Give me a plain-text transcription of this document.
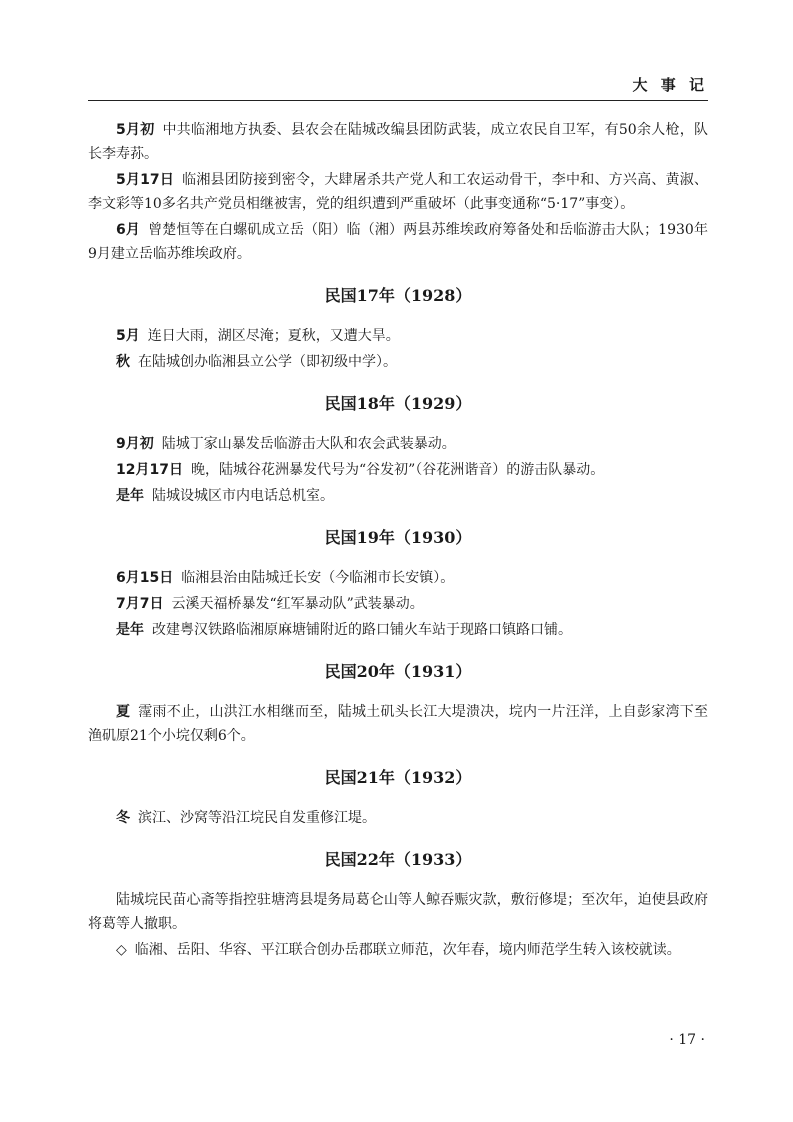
大 事 记

5月初 中共临湘地方执委、县农会在陆城改编县团防武装，成立农民自卫军，有50余人枪，队长李寿荪。

5月17日 临湘县团防接到密令，大肆屠杀共产党人和工农运动骨干，李中和、方兴高、黄淑、李文彩等10多名共产党员相继被害，党的组织遭到严重破坏（此事变通称“5·17”事变）。

6月 曾楚恒等在白螺矶成立岳（阳）临（湘）两县苏维埃政府筹备处和岳临游击大队；1930年9月建立岳临苏维埃政府。

民国17年（1928）

5月 连日大雨，湖区尽淹；夏秋，又遭大旱。

秋 在陆城创办临湘县立公学（即初级中学）。

民国18年（1929）

9月初 陆城丁家山暴发岳临游击大队和农会武装暴动。

12月17日 晚，陆城谷花洲暴发代号为“谷发初”（谷花洲谐音）的游击队暴动。

是年 陆城设城区市内电话总机室。

民国19年（1930）

6月15日 临湘县治由陆城迁长安（今临湘市长安镇）。

7月7日 云溪天福桥暴发“红军暴动队”武装暴动。

是年 改建粤汉铁路临湘原麻塘铺附近的路口铺火车站于现路口镇路口铺。

民国20年（1931）

夏 霪雨不止，山洪江水相继而至，陆城土矶头长江大堤溃决，垸内一片汪洋，上自彭家湾下至渔矶原21个小垸仅剩6个。

民国21年（1932）

冬 滨江、沙窝等沿江垸民自发重修江堤。

民国22年（1933）

陆城垸民苗心斋等指控驻塘湾县堤务局葛仑山等人鲸吞赈灾款，敷衍修堤；至次年，迫使县政府将葛等人撤职。

◇ 临湘、岳阳、华容、平江联合创办岳郡联立师范，次年春，境内师范学生转入该校就读。

· 17 ·
